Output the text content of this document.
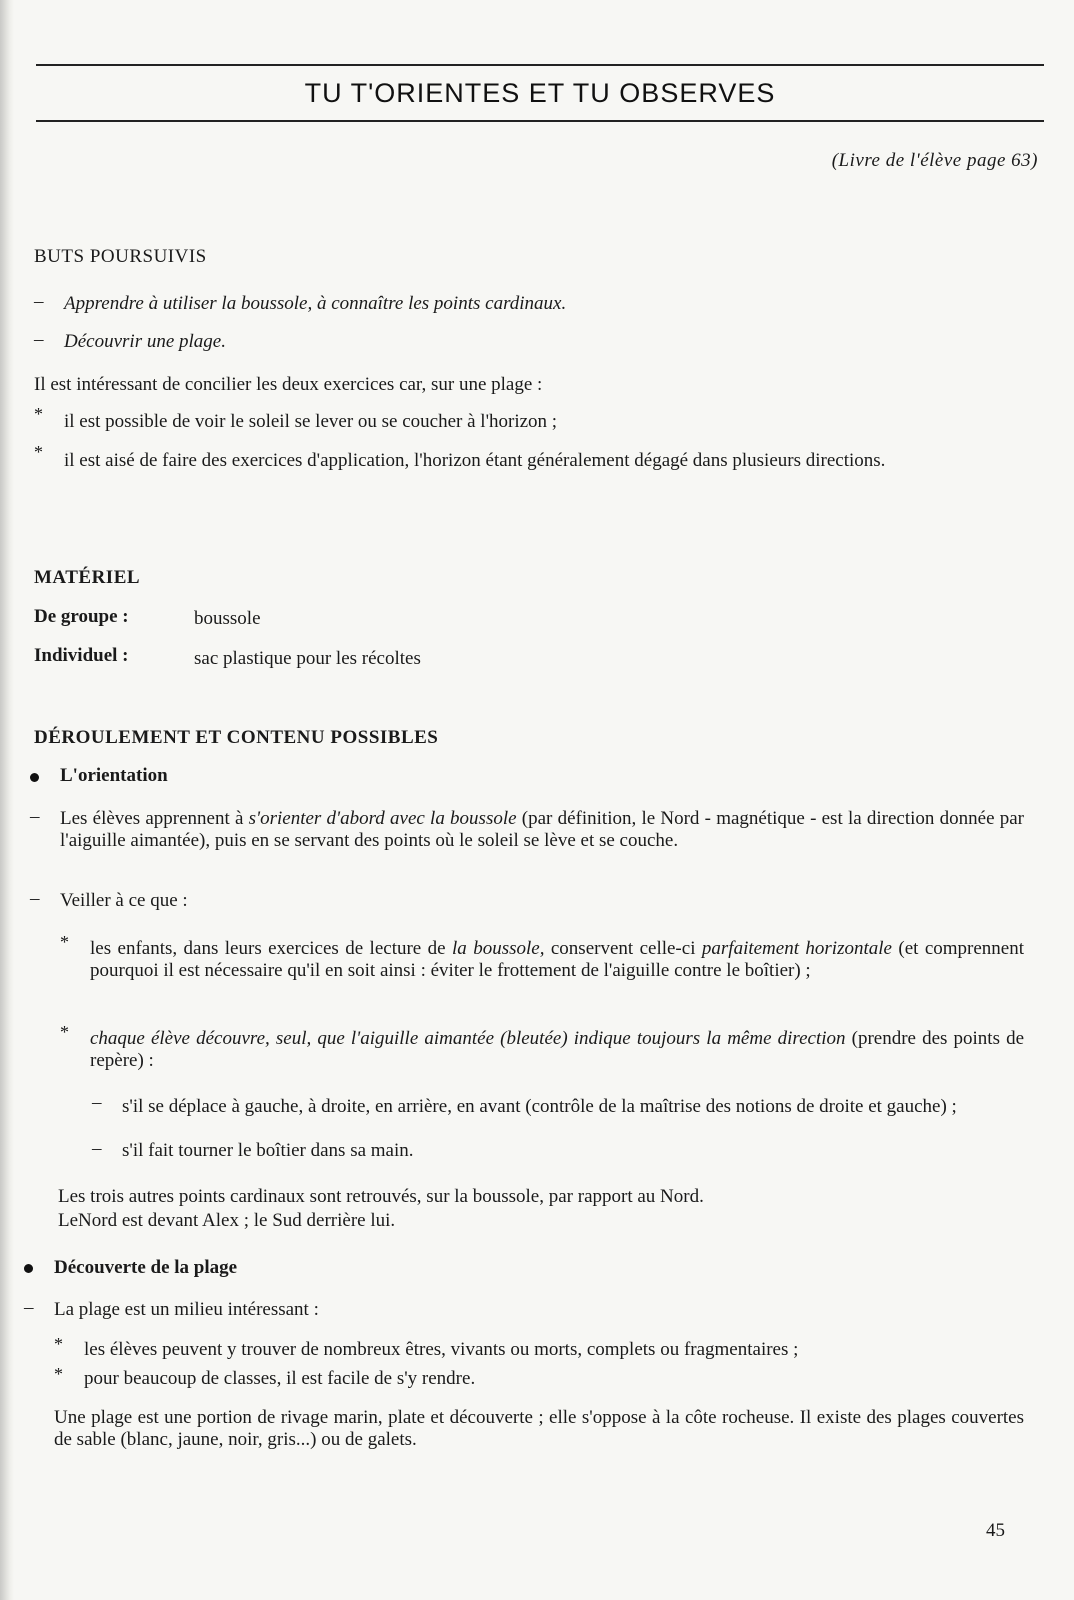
TU T'ORIENTES ET TU OBSERVES
(Livre de l'élève page 63)
BUTS POURSUIVIS
– Apprendre à utiliser la boussole, à connaître les points cardinaux.
– Découvrir une plage.
Il est intéressant de concilier les deux exercices car, sur une plage :
* il est possible de voir le soleil se lever ou se coucher à l'horizon ;
* il est aisé de faire des exercices d'application, l'horizon étant généralement dégagé dans plusieurs directions.
MATÉRIEL
De groupe :	boussole
Individuel :	sac plastique pour les récoltes
DÉROULEMENT ET CONTENU POSSIBLES
L'orientation
– Les élèves apprennent à s'orienter d'abord avec la boussole (par définition, le Nord - magnétique - est la direction donnée par l'aiguille aimantée), puis en se servant des points où le soleil se lève et se couche.
– Veiller à ce que :
* les enfants, dans leurs exercices de lecture de la boussole, conservent celle-ci parfaitement horizontale (et comprennent pourquoi il est nécessaire qu'il en soit ainsi : éviter le frottement de l'aiguille contre le boîtier) ;
* chaque élève découvre, seul, que l'aiguille aimantée (bleutée) indique toujours la même direction (prendre des points de repère) :
– s'il se déplace à gauche, à droite, en arrière, en avant (contrôle de la maîtrise des notions de droite et gauche) ;
– s'il fait tourner le boîtier dans sa main.
Les trois autres points cardinaux sont retrouvés, sur la boussole, par rapport au Nord.
LeNord est devant Alex ; le Sud derrière lui.
Découverte de la plage
– La plage est un milieu intéressant :
* les élèves peuvent y trouver de nombreux êtres, vivants ou morts, complets ou fragmentaires ;
* pour beaucoup de classes, il est facile de s'y rendre.
Une plage est une portion de rivage marin, plate et découverte ; elle s'oppose à la côte rocheuse. Il existe des plages couvertes de sable (blanc, jaune, noir, gris...) ou de galets.
45
